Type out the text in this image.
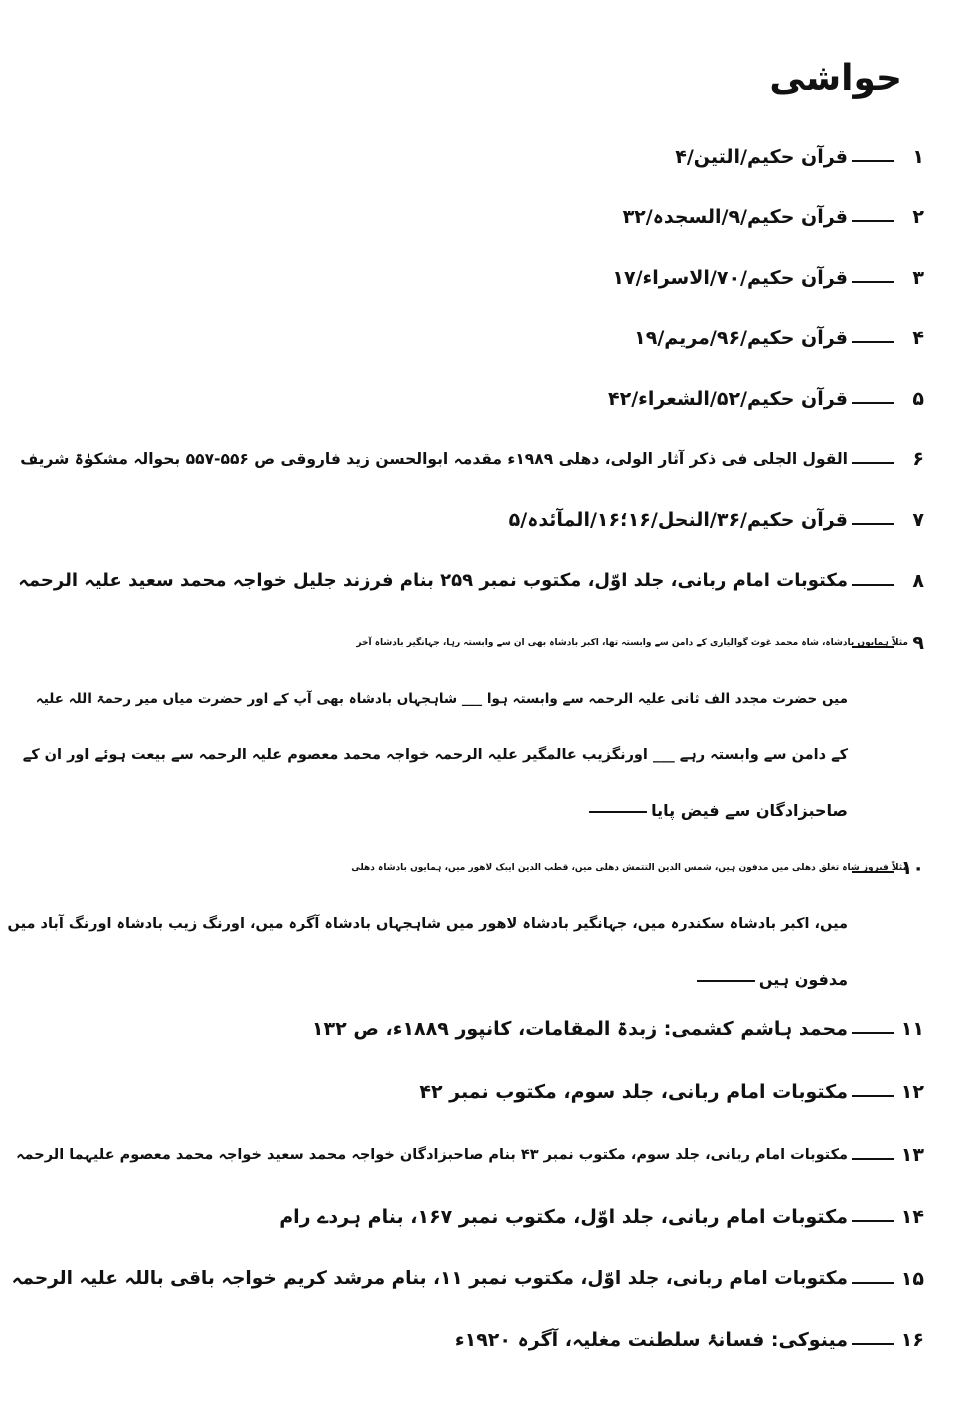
حواشی
۱
قرآن حکیم/التین/۴
۲
قرآن حکیم/۹/السجدہ/۳۲
۳
قرآن حکیم/۷۰/الاسراء/۱۷
۴
قرآن حکیم/۹۶/مریم/۱۹
۵
قرآن حکیم/۵۲/الشعراء/۴۲
۶
القول الجلی فی ذکر آثار الولی، دھلی ۱۹۸۹ء مقدمہ ابوالحسن زید فاروقی ص ۵۵۶-۵۵۷ بحوالہ مشکوٰۃ شریف
۷
قرآن حکیم/۳۶/النحل/۱۶؛۱۶/المآئدہ/۵
۸
مکتوبات امام ربانی، جلد اوّل، مکتوب نمبر ۲۵۹ بنام فرزند جلیل خواجہ محمد سعید علیہ الرحمہ
۹
مثلاً ہمایوں بادشاہ، شاہ محمد غوث گوالیاری کے دامن سے وابستہ تھا، اکبر بادشاہ بھی ان سے وابستہ رہا، جہانگیر بادشاہ آخر
میں حضرت مجدد الف ثانی علیہ الرحمہ سے وابستہ ہوا ___ شاہجہاں بادشاہ بھی آپ کے اور حضرت میاں میر رحمۃ اللہ علیہ
کے دامن سے وابستہ رہے ___ اورنگزیب عالمگیر علیہ الرحمہ خواجہ محمد معصوم علیہ الرحمہ سے بیعت ہوئے اور ان کے
صاحبزادگان سے فیض پایا
۱۰
مثلاً فیروز شاہ تغلق دھلی میں مدفون ہیں، شمس الدین التتمش دھلی میں، قطب الدین ایبک لاھور میں، ہمایوں بادشاہ دھلی
میں، اکبر بادشاہ سکندرہ میں، جہانگیر بادشاہ لاھور میں شاہجہاں بادشاہ آگرہ میں، اورنگ زیب بادشاہ اورنگ آباد میں
مدفون ہیں
۱۱
محمد ہاشم کشمی: زبدۃ المقامات، کانپور ۱۸۸۹ء، ص ۱۳۲
۱۲
مکتوبات امام ربانی، جلد سوم، مکتوب نمبر ۴۲
۱۳
مکتوبات امام ربانی، جلد سوم، مکتوب نمبر ۴۳ بنام صاحبزادگان خواجہ محمد سعید خواجہ محمد معصوم علیہما الرحمہ
۱۴
مکتوبات امام ربانی، جلد اوّل، مکتوب نمبر ۱۶۷، بنام ہردے رام
۱۵
مکتوبات امام ربانی، جلد اوّل، مکتوب نمبر ۱۱، بنام مرشد کریم خواجہ باقی باللہ علیہ الرحمہ
۱۶
مینوکی: فسانۂ سلطنت مغلیہ، آگرہ ۱۹۲۰ء
